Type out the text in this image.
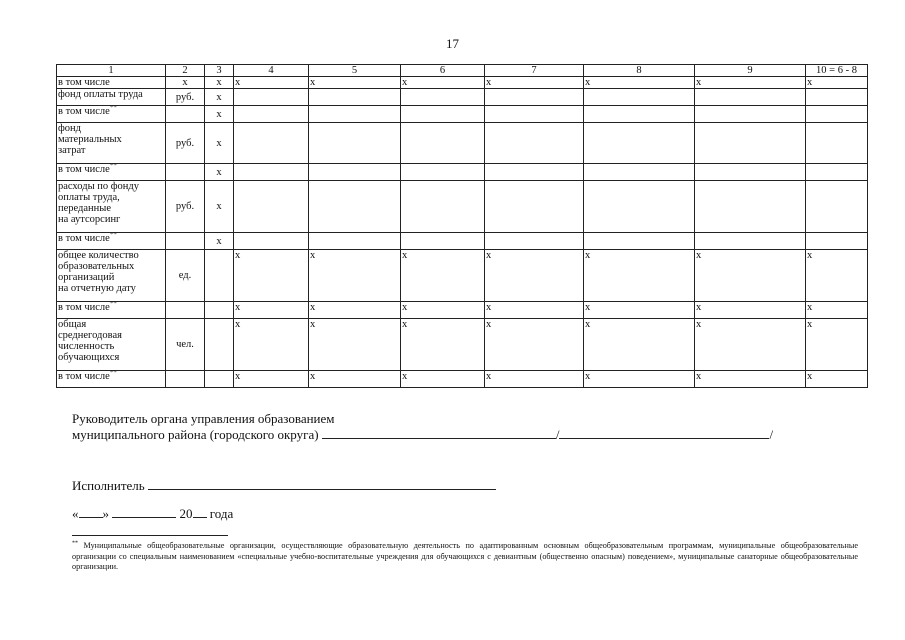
17
1	2	3	4	5	6	7	8	9	10 = 6 - 8
в том числе	х	х	х	х	х	х	х	х	х
фонд оплаты труда	руб.	х							
в том числе**		х							
фонд
материальных
затрат	руб.	х							
в том числе**		х							
расходы по фонду
оплаты труда,
переданные
на аутсорсинг	руб.	х							
в том числе**		х							
общее количество
образовательных
организаций
на отчетную дату	ед.		х	х	х	х	х	х	х
в том числе**			х	х	х	х	х	х	х
общая
среднегодовая
численность
обучающихся	чел.		х	х	х	х	х	х	х
в том числе**			х	х	х	х	х	х	х
Руководитель органа управления образованием
муниципального района (городского округа)	/	/
Исполнитель
« »	20 года
** Муниципальные общеобразовательные организации, осуществляющие образовательную деятельность по адаптированным основным общеобразовательным программам, муниципальные общеобразовательные организации со специальным наименованием «специальные учебно-воспитательные учреждения для обучающихся с девиантным (общественно опасным) поведением», муниципальные санаторные общеобразовательные организации.
